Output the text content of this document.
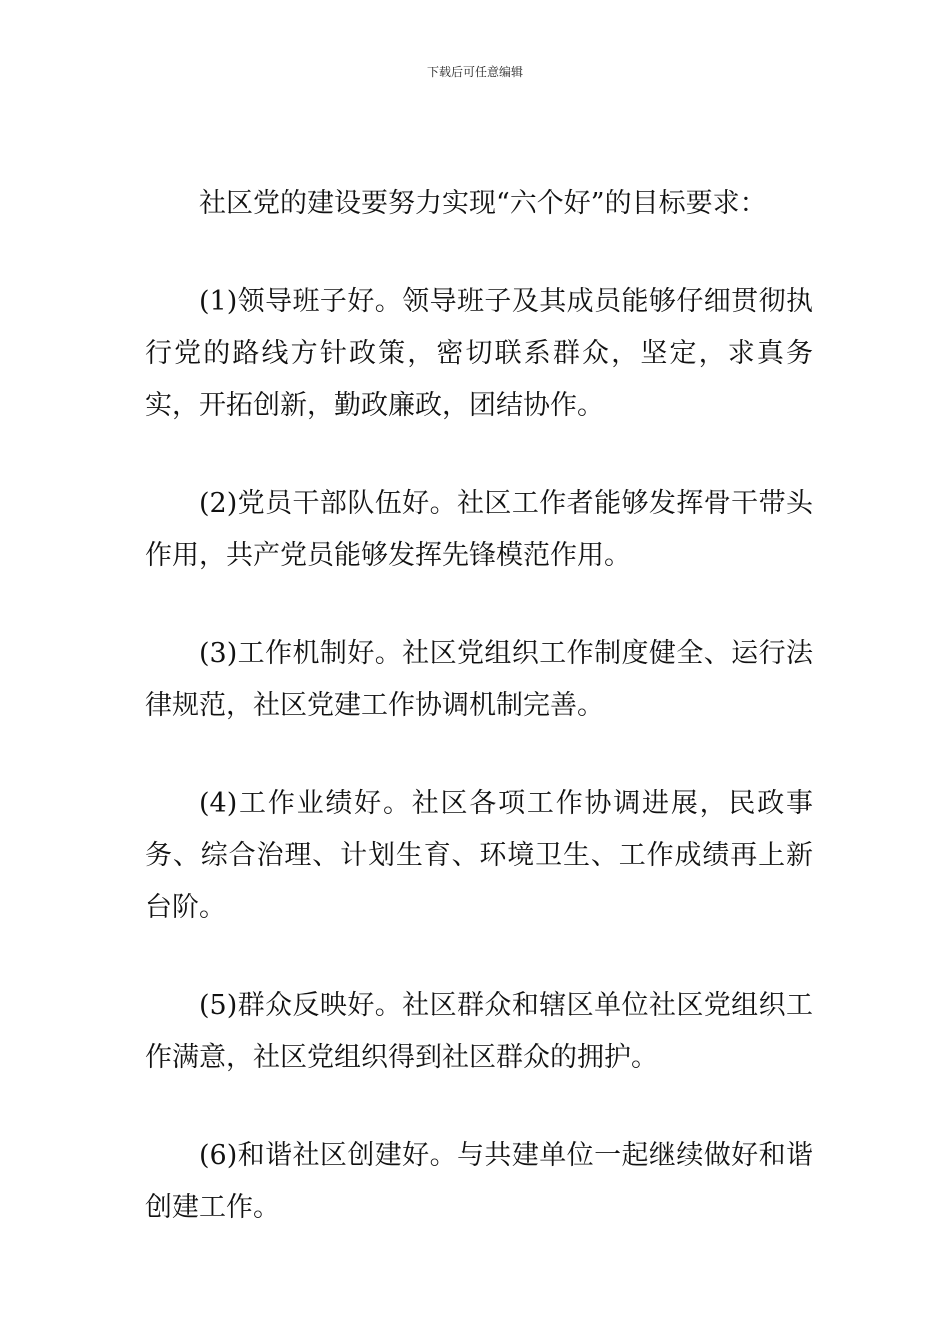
下载后可任意编辑

社区党的建设要努力实现“六个好”的目标要求：

(1)领导班子好。领导班子及其成员能够仔细贯彻执行党的路线方针政策，密切联系群众，坚定，求真务实，开拓创新，勤政廉政，团结协作。

(2)党员干部队伍好。社区工作者能够发挥骨干带头作用，共产党员能够发挥先锋模范作用。

(3)工作机制好。社区党组织工作制度健全、运行法律规范，社区党建工作协调机制完善。

(4)工作业绩好。社区各项工作协调进展，民政事务、综合治理、计划生育、环境卫生、工作成绩再上新台阶。

(5)群众反映好。社区群众和辖区单位社区党组织工作满意，社区党组织得到社区群众的拥护。

(6)和谐社区创建好。与共建单位一起继续做好和谐创建工作。
